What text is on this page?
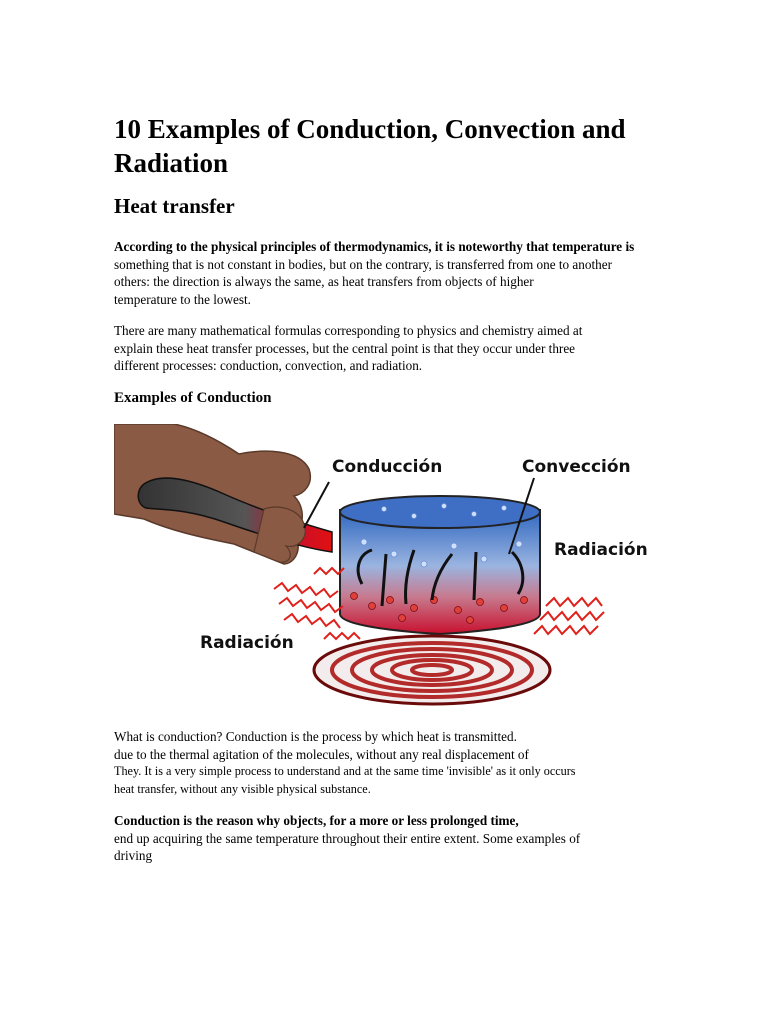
10 Examples of Conduction, Convection and Radiation
Heat transfer
According to the physical principles of thermodynamics, it is noteworthy that temperature is
something that is not constant in bodies, but on the contrary, is transferred from one to another
others: the direction is always the same, as heat transfers from objects of higher
temperature to the lowest.
There are many mathematical formulas corresponding to physics and chemistry aimed at
explain these heat transfer processes, but the central point is that they occur under three
different processes: conduction, convection, and radiation.
Examples of Conduction
Conducción	Convección
Radiación
Radiación
What is conduction? Conduction is the process by which heat is transmitted.
due to the thermal agitation of the molecules, without any real displacement of
They. It is a very simple process to understand and at the same time 'invisible' as it only occurs
heat transfer, without any visible physical substance.
Conduction is the reason why objects, for a more or less prolonged time,
end up acquiring the same temperature throughout their entire extent. Some examples of
driving
